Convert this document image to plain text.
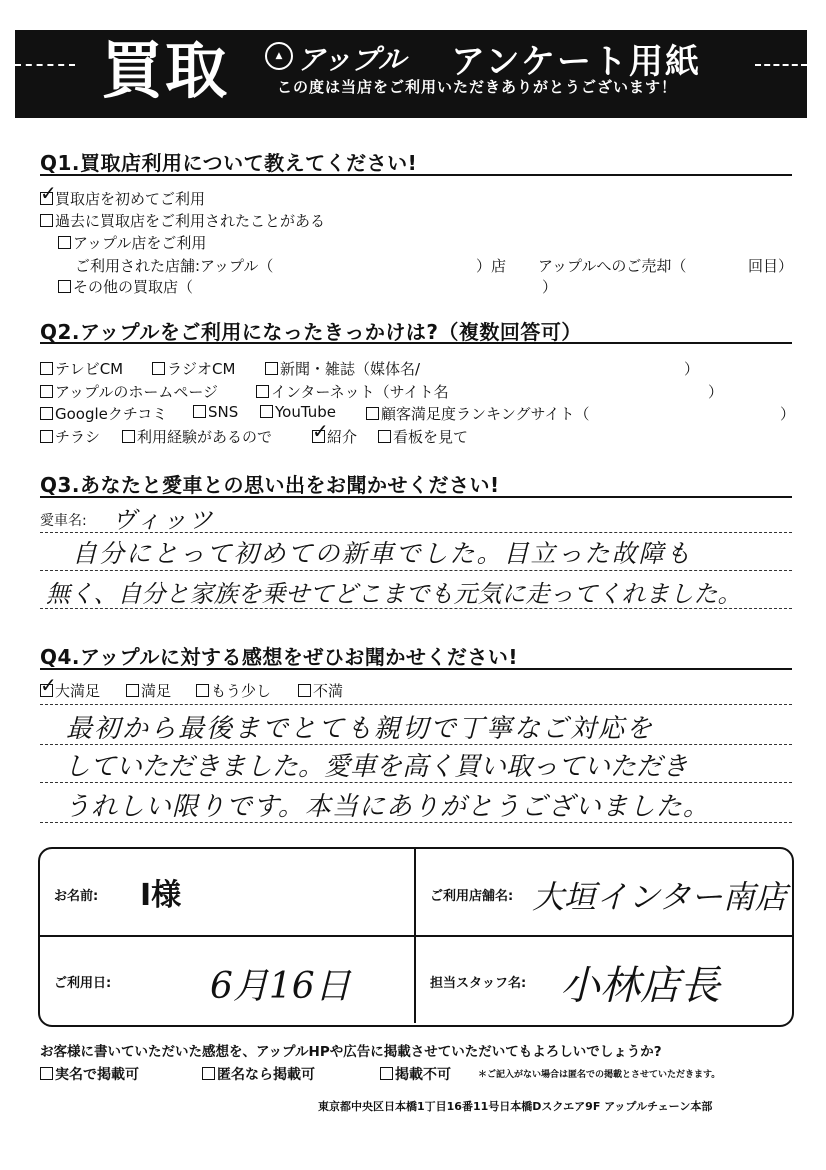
買取	▲ アップル アンケート用紙
この度は当店をご利用いただきありがとうございます！
Q1.買取店利用について教えてください!
✓買取店を初めてご利用
過去に買取店をご利用されたことがある
アップル店をご利用
ご利用された店舗:アップル（	）店 アップルへのご売却（	回目）
その他の買取店（	）
Q2.アップルをご利用になったきっかけは?（複数回答可）
テレビCM	ラジオCM	新聞・雑誌（媒体名/	）
アップルのホームページ	インターネット（サイト名	）
Googleクチコミ	SNS	YouTube	顧客満足度ランキングサイト（	）
チラシ	利用経験があるので
✓	紹介	看板を見て
Q3.あなたと愛車との思い出をお聞かせください!
愛車名: ヴィッツ
自分にとって初めての新車でした。目立った故障も
無く、自分と家族を乗せてどこまでも元気に走ってくれました。
Q4.アップルに対する感想をぜひお聞かせください!
✓大満足	満足	もう少し	不満
最初から最後までとても親切で丁寧なご対応を
していただきました。愛車を高く買い取っていただき
うれしい限りです。本当にありがとうございました。
お名前: I様	ご利用店舗名: 大垣インター南店
ご利用日:	6月16日	担当スタッフ名: 小林店長
お客様に書いていただいた感想を、アップルHPや広告に掲載させていただいてもよろしいでしょうか?
実名で掲載可	匿名なら掲載可	掲載不可	＊ご記入がない場合は匿名での掲載とさせていただきます。
東京都中央区日本橋1丁目16番11号日本橋Dスクエア9F アップルチェーン本部
